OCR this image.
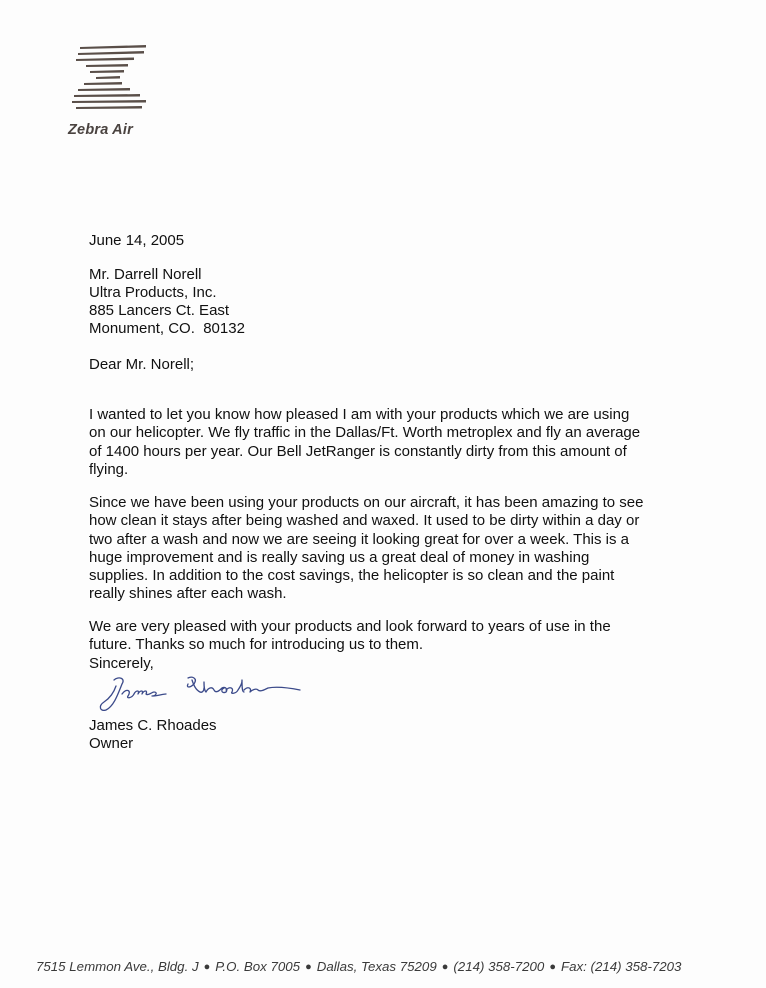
Zebra Air
June 14, 2005
Mr. Darrell Norell
Ultra Products, Inc.
885 Lancers Ct. East
Monument, CO.  80132
Dear Mr. Norell;

I wanted to let you know how pleased I am with your products which we are using on our helicopter. We fly traffic in the Dallas/Ft. Worth metroplex and fly an average of 1400 hours per year. Our Bell JetRanger is constantly dirty from this amount of flying.

Since we have been using your products on our aircraft, it has been amazing to see how clean it stays after being washed and waxed. It used to be dirty within a day or two after a wash and now we are seeing it looking great for over a week. This is a huge improvement and is really saving us a great deal of money in washing supplies. In addition to the cost savings, the helicopter is so clean and the paint really shines after each wash.

We are very pleased with your products and look forward to years of use in the future. Thanks so much for introducing us to them.

Sincerely,
James C. Rhoades
Owner
7515 Lemmon Ave., Bldg. J ● P.O. Box 7005 ● Dallas, Texas 75209 ● (214) 358-7200 ● Fax: (214) 358-7203
